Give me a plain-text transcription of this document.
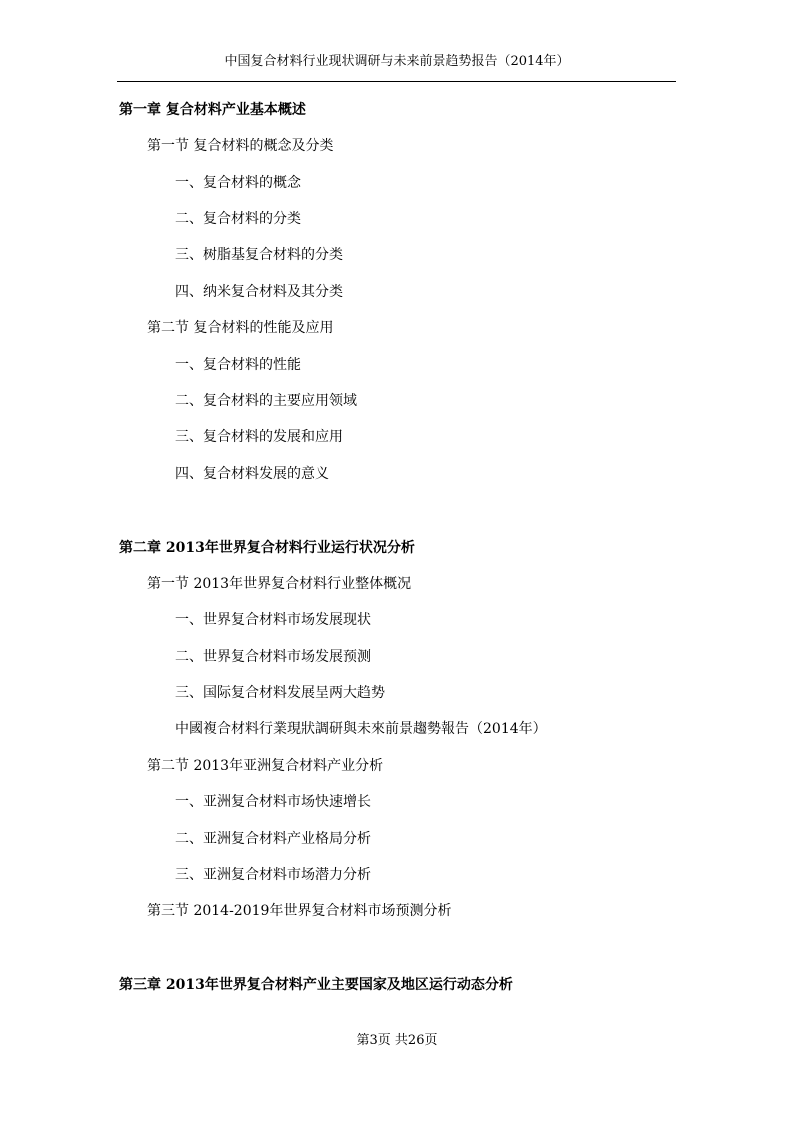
中国复合材料行业现状调研与未来前景趋势报告（2014年）
第一章 复合材料产业基本概述
第一节 复合材料的概念及分类
一、复合材料的概念
二、复合材料的分类
三、树脂基复合材料的分类
四、纳米复合材料及其分类
第二节 复合材料的性能及应用
一、复合材料的性能
二、复合材料的主要应用领域
三、复合材料的发展和应用
四、复合材料发展的意义
第二章 2013年世界复合材料行业运行状况分析
第一节 2013年世界复合材料行业整体概况
一、世界复合材料市场发展现状
二、世界复合材料市场发展预测
三、国际复合材料发展呈两大趋势
中國複合材料行業現狀調研與未來前景趨勢報告（2014年）
第二节 2013年亚洲复合材料产业分析
一、亚洲复合材料市场快速增长
二、亚洲复合材料产业格局分析
三、亚洲复合材料市场潜力分析
第三节 2014-2019年世界复合材料市场预测分析
第三章 2013年世界复合材料产业主要国家及地区运行动态分析
第3页 共26页
